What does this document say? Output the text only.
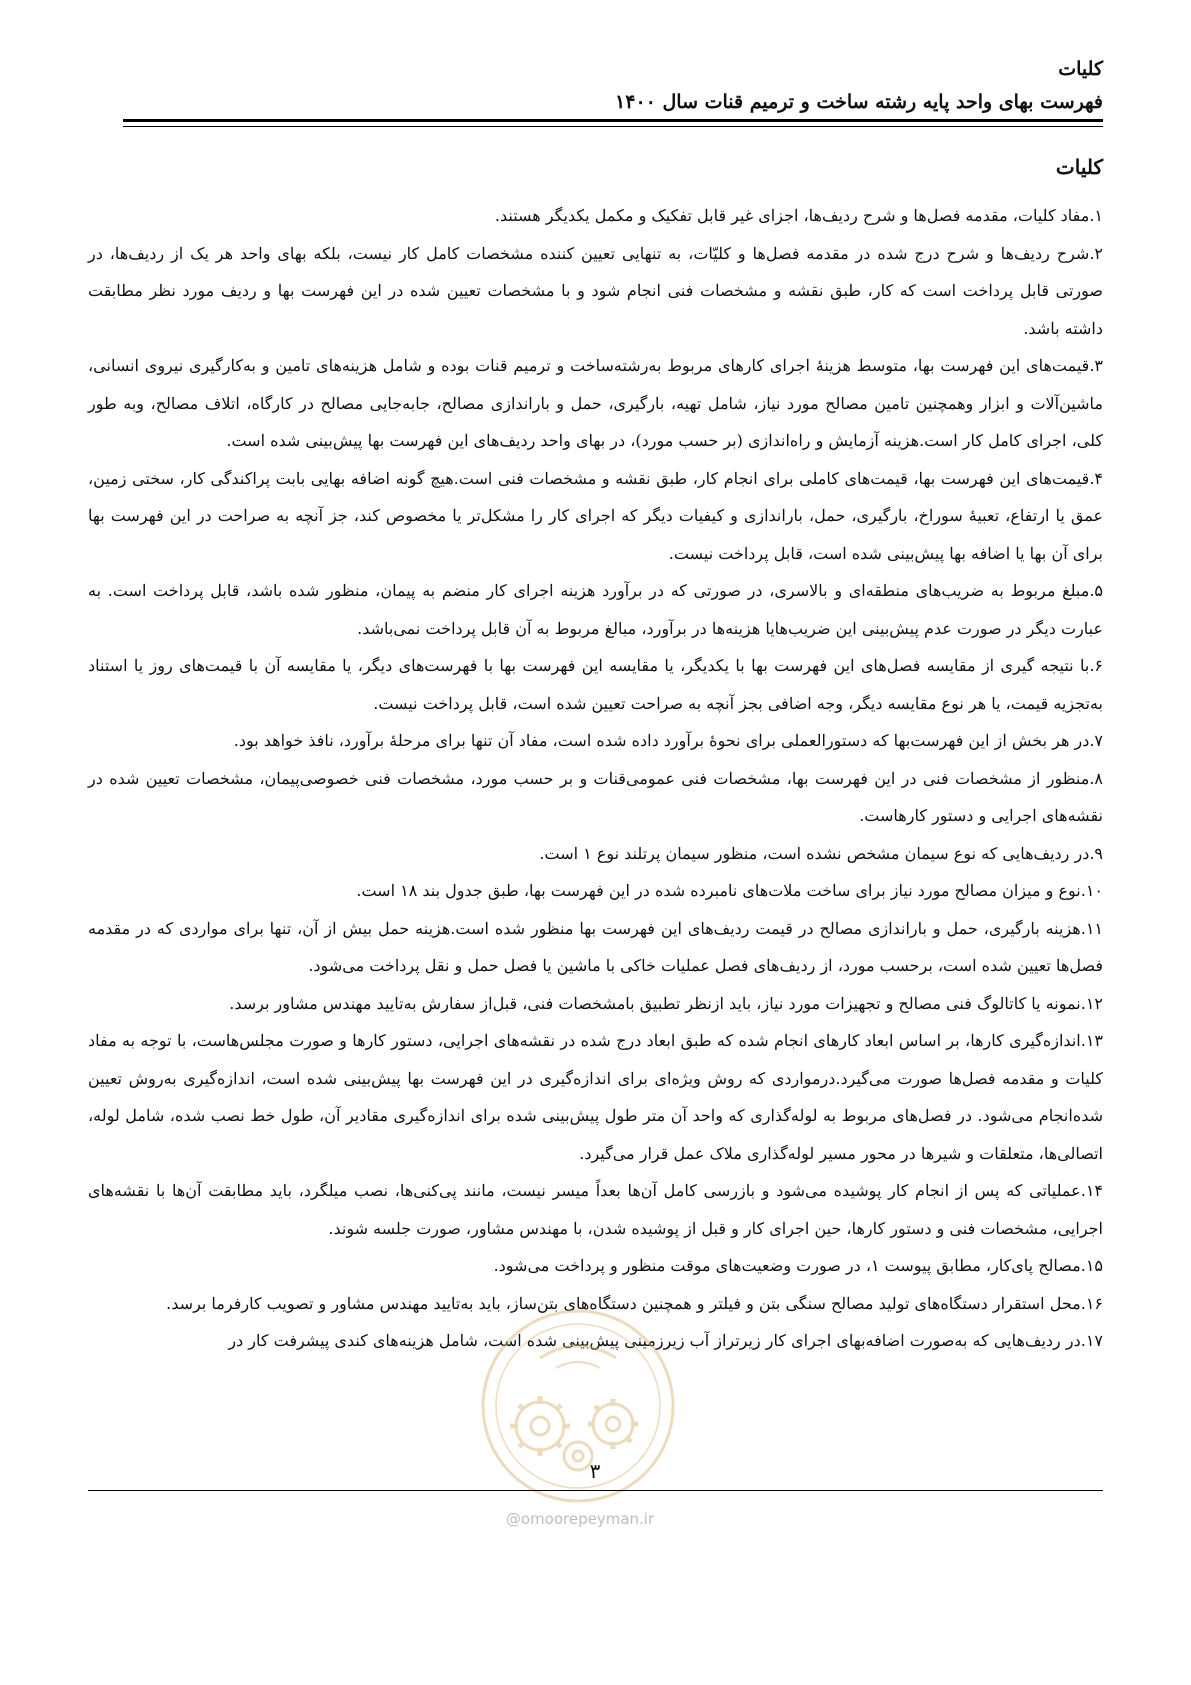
کلیات
فهرست بهای واحد پایه رشته ساخت و ترمیم قنات سال ۱۴۰۰
کلیات

۱.مفاد کلیات، مقدمه فصل‌ها و شرح ردیف‌ها، اجزای غیر قابل تفکیک و مکمل یکدیگر هستند.

۲.شرح ردیف‌ها و شرح درج شده در مقدمه فصل‌ها و کلیّات، به تنهایی تعیین کننده مشخصات کامل کار نیست، بلکه بهای واحد هر یک از ردیف‌ها، در صورتی قابل پرداخت است که کار، طبق نقشه و مشخصات فنی انجام شود و با مشخصات تعیین شده در این فهرست بها و ردیف مورد نظر مطابقت داشته باشد.

۳.قیمت‌های این فهرست بها، متوسط هزینهٔ اجرای کارهای مربوط به‌رشته‌ساخت و ترمیم قنات بوده و شامل هزینه‌های تامین و به‌کارگیری نیروی انسانی، ماشین‌آلات و ابزار وهمچنین تامین مصالح مورد نیاز، شامل تهیه، بارگیری، حمل و باراندازی مصالح، جابه‌جایی مصالح در کارگاه، اتلاف مصالح، وبه طور کلی، اجرای کامل کار است.هزینه آزمایش و راه‌اندازی (بر حسب مورد)، در بهای واحد ردیف‌های این فهرست بها پیش‌بینی شده است.

۴.قیمت‌های این فهرست بها، قیمت‌های کاملی برای انجام کار، طبق نقشه و مشخصات فنی است.هیچ گونه اضافه بهایی بابت پراکندگی کار، سختی زمین، عمق یا ارتفاع، تعبیهٔ سوراخ، بارگیری، حمل، باراندازی و کیفیات دیگر که اجرای کار را مشکل‌تر یا مخصوص کند، جز آنچه به صراحت در این فهرست بها برای آن بها یا اضافه بها پیش‌بینی شده است، قابل پرداخت نیست.

۵.مبلغ مربوط به ضریب‌های منطقه‌ای و بالاسری، در صورتی که در برآورد هزینه اجرای کار منضم به پیمان، منظور شده باشد، قابل پرداخت است. به عبارت دیگر در صورت عدم پیش‌بینی این ضریب‌هایا هزینه‌ها در برآورد، مبالغ مربوط به آن قابل پرداخت نمی‌باشد.

۶.با نتیجه گیری از مقایسه فصل‌های این فهرست بها با یکدیگر، یا مقایسه این فهرست بها با فهرست‌های دیگر، یا مقایسه آن با قیمت‌های روز یا استناد به‌تجزیه قیمت، یا هر نوع مقایسه دیگر، وجه اضافی بجز آنچه به صراحت تعیین شده است، قابل پرداخت نیست.

۷.در هر بخش از این فهرست‌بها که دستورالعملی برای نحوهٔ برآورد داده شده است، مفاد آن تنها برای مرحلهٔ برآورد، نافذ خواهد بود.

۸.منظور از مشخصات فنی در این فهرست بها، مشخصات فنی عمومی‌قنات و بر حسب مورد، مشخصات فنی خصوصی‌پیمان، مشخصات تعیین شده در نقشه‌های اجرایی و دستور کارهاست.

۹.در ردیف‌هایی که نوع سیمان مشخص نشده است، منظور سیمان پرتلند نوع ۱ است.

۱۰.نوع و میزان مصالح مورد نیاز برای ساخت ملات‌های نامبرده شده در این فهرست بها، طبق جدول بند ۱۸ است.

۱۱.هزینه بارگیری، حمل و باراندازی مصالح در قیمت ردیف‌های این فهرست بها منظور شده است.هزینه حمل بیش از آن، تنها برای مواردی که در مقدمه فصل‌ها تعیین شده است، برحسب مورد، از ردیف‌های فصل عملیات خاکی با ماشین یا فصل حمل و نقل پرداخت می‌شود.

۱۲.نمونه یا کاتالوگ فنی مصالح و تجهیزات مورد نیاز، باید ازنظر تطبیق بامشخصات فنی، قبل‌از سفارش به‌تایید مهندس مشاور برسد.

۱۳.اندازه‌گیری کارها، بر اساس ابعاد کارهای انجام شده که طبق ابعاد درج شده در نقشه‌های اجرایی، دستور کارها و صورت مجلس‌هاست، با توجه به مفاد کلیات و مقدمه فصل‌ها صورت می‌گیرد.درمواردی که روش ویژه‌ای برای اندازه‌گیری در این فهرست بها پیش‌بینی شده است، اندازه‌گیری به‌روش تعیین شده‌انجام می‌شود. در فصل‌های مربوط به لوله‌گذاری که واحد آن متر طول پیش‌بینی شده برای اندازه‌گیری مقادیر آن، طول خط نصب شده، شامل لوله، اتصالی‌ها، متعلقات و شیرها در محور مسیر لوله‌گذاری ملاک عمل قرار می‌گیرد.

۱۴.عملیاتی که پس از انجام کار پوشیده می‌شود و بازرسی کامل آن‌ها بعداً میسر نیست، مانند پی‌کنی‌ها، نصب میلگرد، باید مطابقت آن‌ها با نقشه‌های اجرایی، مشخصات فنی و دستور کارها، حین اجرای کار و قبل از پوشیده شدن، با مهندس مشاور، صورت جلسه شوند.

۱۵.مصالح پای‌کار، مطابق پیوست ۱، در صورت وضعیت‌های موقت منظور و پرداخت می‌شود.

۱۶.محل استقرار دستگاه‌های تولید مصالح سنگی بتن و فیلتر و همچنین دستگاه‌های بتن‌ساز، باید به‌تایید مهندس مشاور و تصویب کارفرما برسد.

۱۷.در ردیف‌هایی که به‌صورت اضافه‌بهای اجرای کار زیرتراز آب زیرزمینی پیش‌بینی شده است، شامل هزینه‌های کندی پیشرفت کار در

۳
@omoorepeyman.ir
